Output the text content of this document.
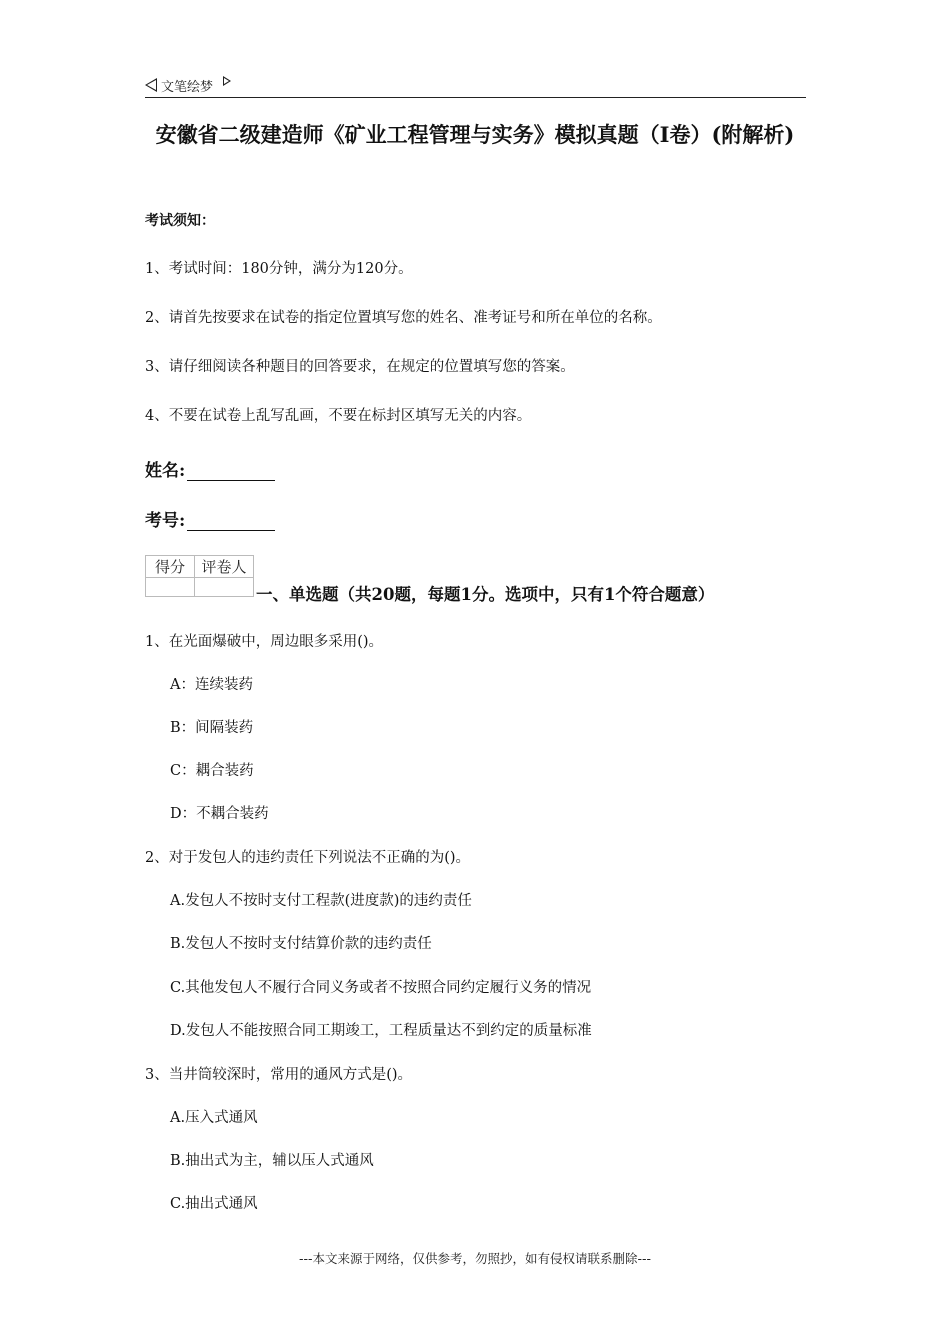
文笔绘梦
安徽省二级建造师《矿业工程管理与实务》模拟真题（I卷）(附解析)
考试须知：
1、考试时间：180分钟，满分为120分。
2、请首先按要求在试卷的指定位置填写您的姓名、准考证号和所在单位的名称。
3、请仔细阅读各种题目的回答要求，在规定的位置填写您的答案。
4、不要在试卷上乱写乱画，不要在标封区填写无关的内容。
姓名:
考号:
得分	评卷人

一、单选题（共20题，每题1分。选项中，只有1个符合题意）
1、在光面爆破中，周边眼多采用()。
A：连续装药
B：间隔装药
C：耦合装药
D：不耦合装药
2、对于发包人的违约责任下列说法不正确的为()。
A.发包人不按时支付工程款(进度款)的违约责任
B.发包人不按时支付结算价款的违约责任
C.其他发包人不履行合同义务或者不按照合同约定履行义务的情况
D.发包人不能按照合同工期竣工，工程质量达不到约定的质量标准
3、当井筒较深时，常用的通风方式是()。
A.压入式通风
B.抽出式为主，辅以压人式通风
C.抽出式通风
---本文来源于网络，仅供参考，勿照抄，如有侵权请联系删除---
